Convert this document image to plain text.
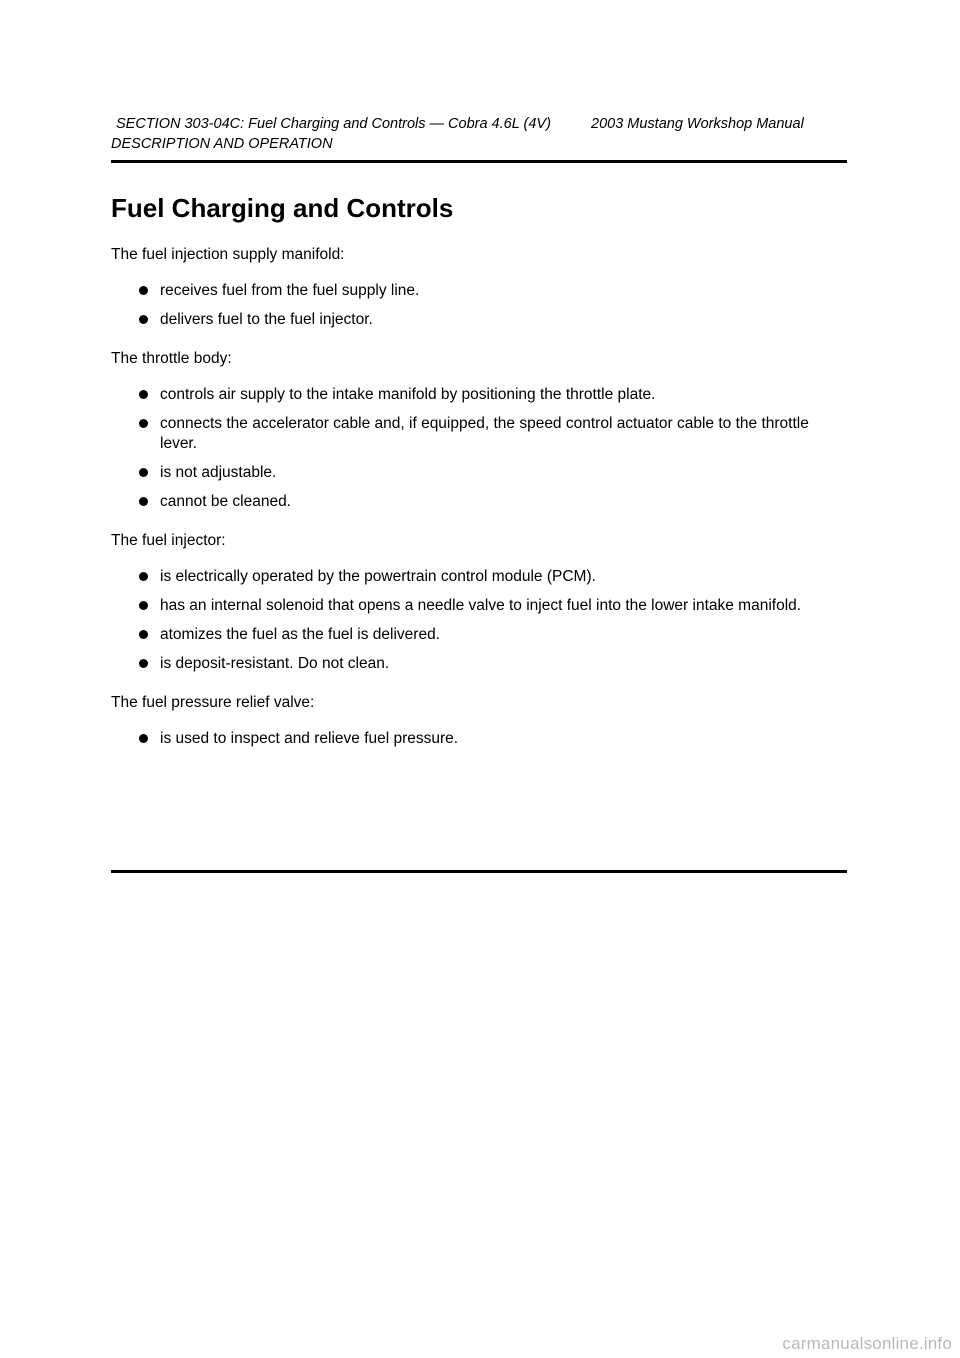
SECTION 303-04C: Fuel Charging and Controls — Cobra 4.6L (4V)	2003 Mustang Workshop Manual
DESCRIPTION AND OPERATION
Fuel Charging and Controls

The fuel injection supply manifold:

receives fuel from the fuel supply line.
delivers fuel to the fuel injector.

The throttle body:

controls air supply to the intake manifold by positioning the throttle plate.
connects the accelerator cable and, if equipped, the speed control actuator cable to the throttle lever.
is not adjustable.
cannot be cleaned.

The fuel injector:

is electrically operated by the powertrain control module (PCM).
has an internal solenoid that opens a needle valve to inject fuel into the lower intake manifold.
atomizes the fuel as the fuel is delivered.
is deposit-resistant. Do not clean.

The fuel pressure relief valve:

is used to inspect and relieve fuel pressure.
carmanualsonline.info
